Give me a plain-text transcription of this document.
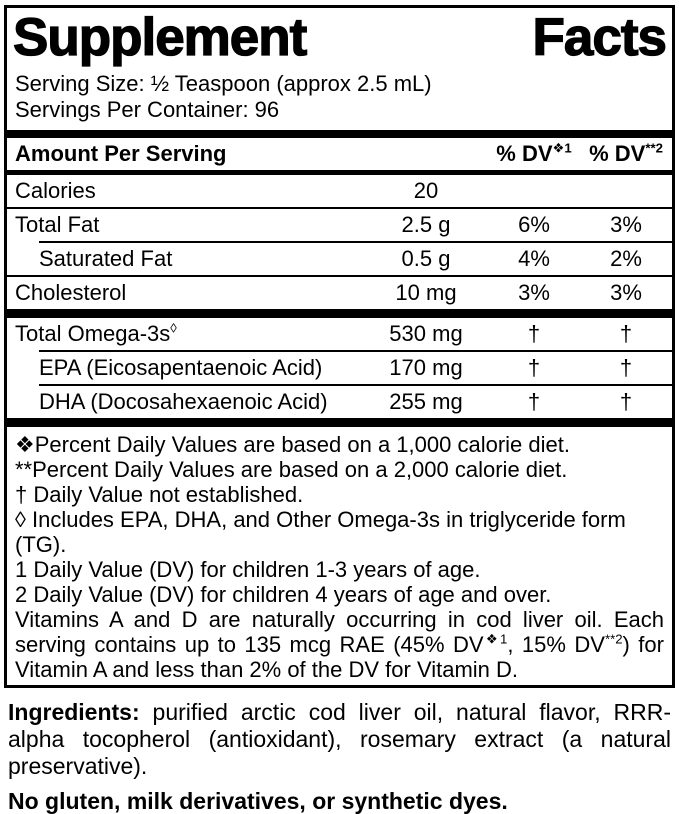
Supplement	Facts
Serving Size: ½ Teaspoon (approx 2.5 mL)
Servings Per Container: 96
Amount Per Serving	% $DV^{❖1}$ % DV$^{**2}$
Calories	20
Total Fat	2.5 g	6%	3%
Saturated Fat	0.5 g	4%	2%
Cholesterol	10 mg	3%	3%
Total Omega-3s◊	530 mg	†	†
EPA (Eicosapentaenoic Acid)	170 mg	†	†
DHA (Docosahexaenoic Acid)	255 mg	†	†
❖Percent Daily Values are based on a 1,000 calorie diet.
**Percent Daily Values are based on a 2,000 calorie diet.
† Daily Value not established.
◊ Includes EPA, DHA, and Other Omega-3s in triglyceride form (TG).
1 Daily Value (DV) for children 1-3 years of age.
2 Daily Value (DV) for children 4 years of age and over.
Vitamins A and D are naturally occurring in cod liver oil. Each serving contains up to 135 mcg RAE (45% $DV^{❖1}$, 15% DV$^{**2}$) for Vitamin A and less than 2% of the DV for Vitamin D.

Ingredients: purified arctic cod liver oil, natural flavor, RRR-alpha tocopherol (antioxidant), rosemary extract (a natural preservative).

No gluten, milk derivatives, or synthetic dyes.
